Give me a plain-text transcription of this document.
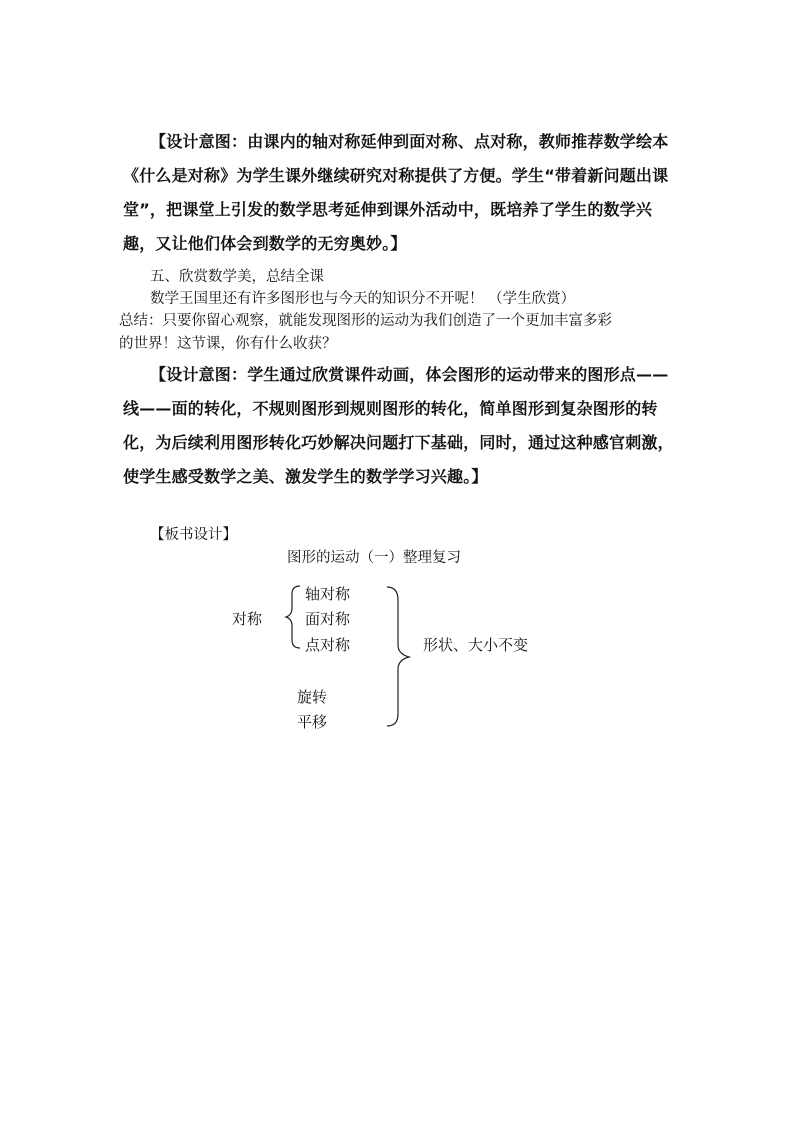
【设计意图：由课内的轴对称延伸到面对称、点对称，教师推荐数学绘本
《什么是对称》为学生课外继续研究对称提供了方便。学生“带着新问题出课
堂”，把课堂上引发的数学思考延伸到课外活动中，既培养了学生的数学兴
趣，又让他们体会到数学的无穷奥妙。】
五、欣赏数学美，总结全课
数学王国里还有许多图形也与今天的知识分不开呢！ （学生欣赏）
总结：只要你留心观察，就能发现图形的运动为我们创造了一个更加丰富多彩
的世界！这节课，你有什么收获？
【设计意图：学生通过欣赏课件动画，体会图形的运动带来的图形点——
线——面的转化，不规则图形到规则图形的转化，简单图形到复杂图形的转
化，为后续利用图形转化巧妙解决问题打下基础，同时，通过这种感官刺激，
使学生感受数学之美、激发学生的数学学习兴趣。】
【板书设计】
图形的运动（一）整理复习
对称
轴对称
面对称
点对称
旋转
平移
形状、大小不变
